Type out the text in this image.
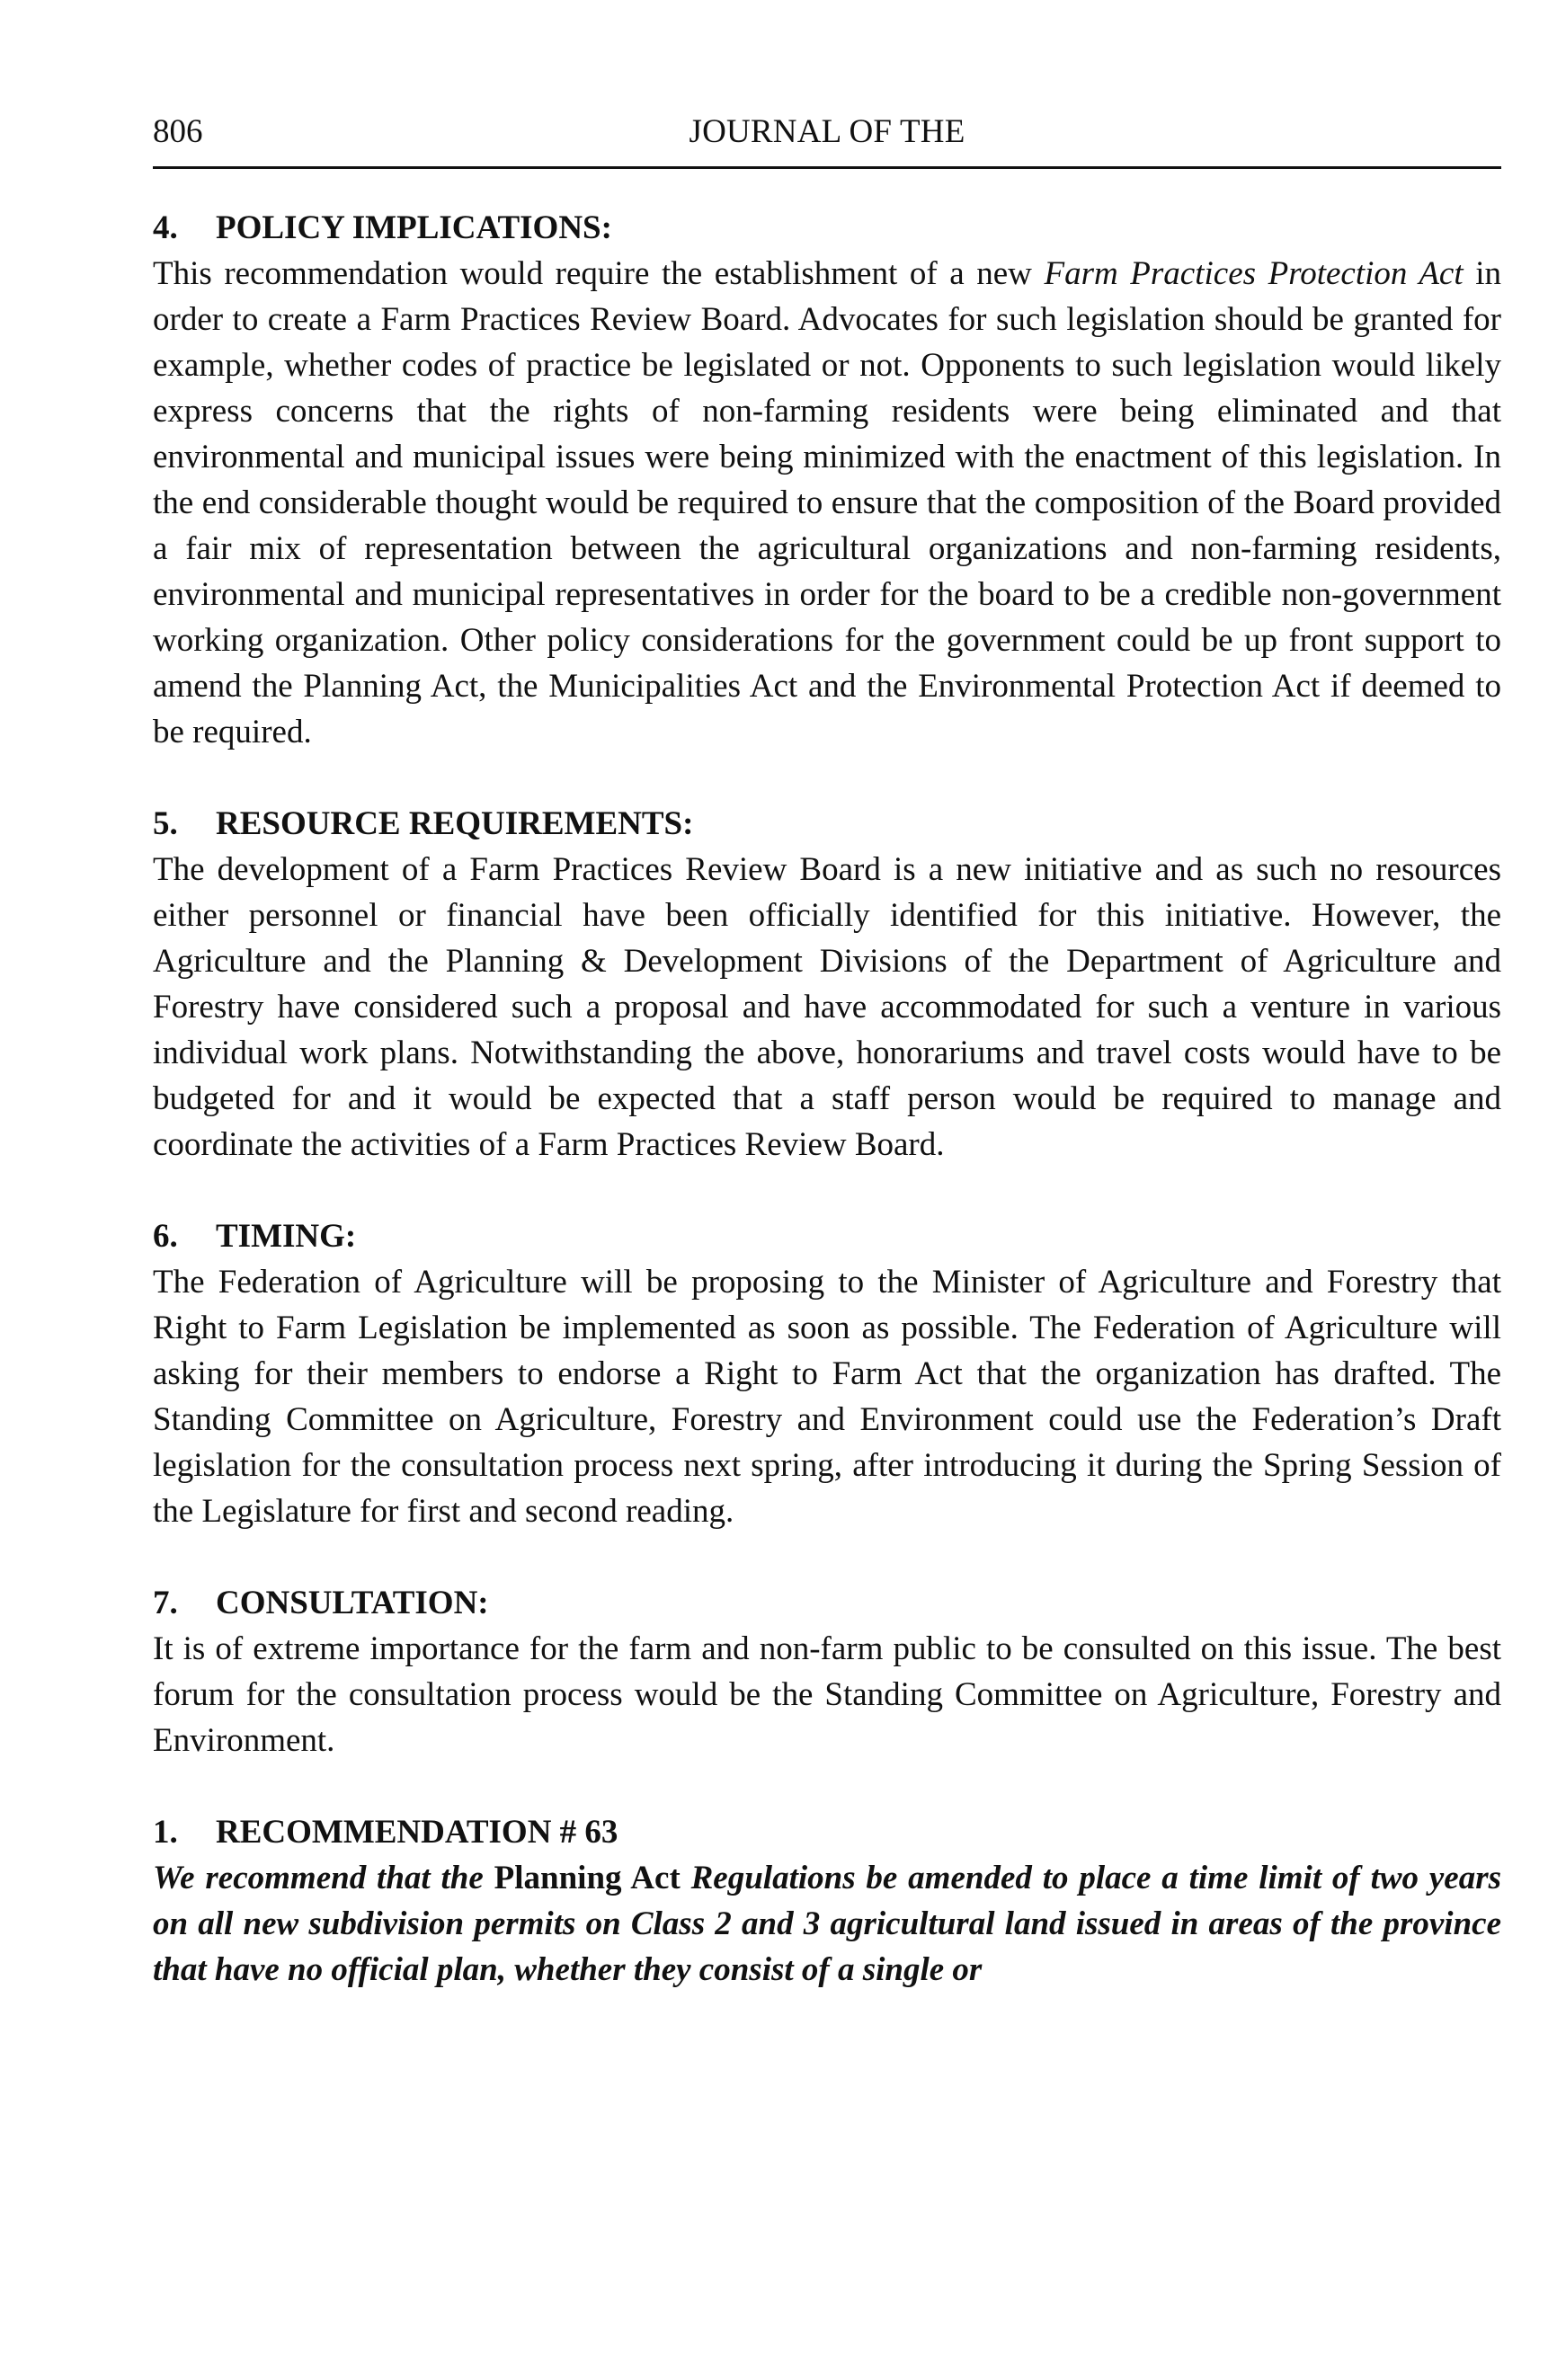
806	JOURNAL OF THE
4. POLICY IMPLICATIONS:

This recommendation would require the establishment of a new Farm Practices Protection Act in order to create a Farm Practices Review Board. Advocates for such legislation should be granted for example, whether codes of practice be legislated or not. Opponents to such legislation would likely express concerns that the rights of non-farming residents were being eliminated and that environmental and municipal issues were being minimized with the enactment of this legislation. In the end considerable thought would be required to ensure that the composition of the Board provided a fair mix of representation between the agricultural organizations and non-farming residents, environmental and municipal representatives in order for the board to be a credible non-government working organization. Other policy considerations for the government could be up front support to amend the Planning Act, the Municipalities Act and the Environmental Protection Act if deemed to be required.

5. RESOURCE REQUIREMENTS:

The development of a Farm Practices Review Board is a new initiative and as such no resources either personnel or financial have been officially identified for this initiative. However, the Agriculture and the Planning & Development Divisions of the Department of Agriculture and Forestry have considered such a proposal and have accommodated for such a venture in various individual work plans. Notwithstanding the above, honorariums and travel costs would have to be budgeted for and it would be expected that a staff person would be required to manage and coordinate the activities of a Farm Practices Review Board.

6. TIMING:

The Federation of Agriculture will be proposing to the Minister of Agriculture and Forestry that Right to Farm Legislation be implemented as soon as possible. The Federation of Agriculture will asking for their members to endorse a Right to Farm Act that the organization has drafted. The Standing Committee on Agriculture, Forestry and Environment could use the Federation’s Draft legislation for the consultation process next spring, after introducing it during the Spring Session of the Legislature for first and second reading.

7. CONSULTATION:

It is of extreme importance for the farm and non-farm public to be consulted on this issue. The best forum for the consultation process would be the Standing Committee on Agriculture, Forestry and Environment.

1. RECOMMENDATION # 63

We recommend that the Planning Act Regulations be amended to place a time limit of two years on all new subdivision permits on Class 2 and 3 agricultural land issued in areas of the province that have no official plan, whether they consist of a single or
